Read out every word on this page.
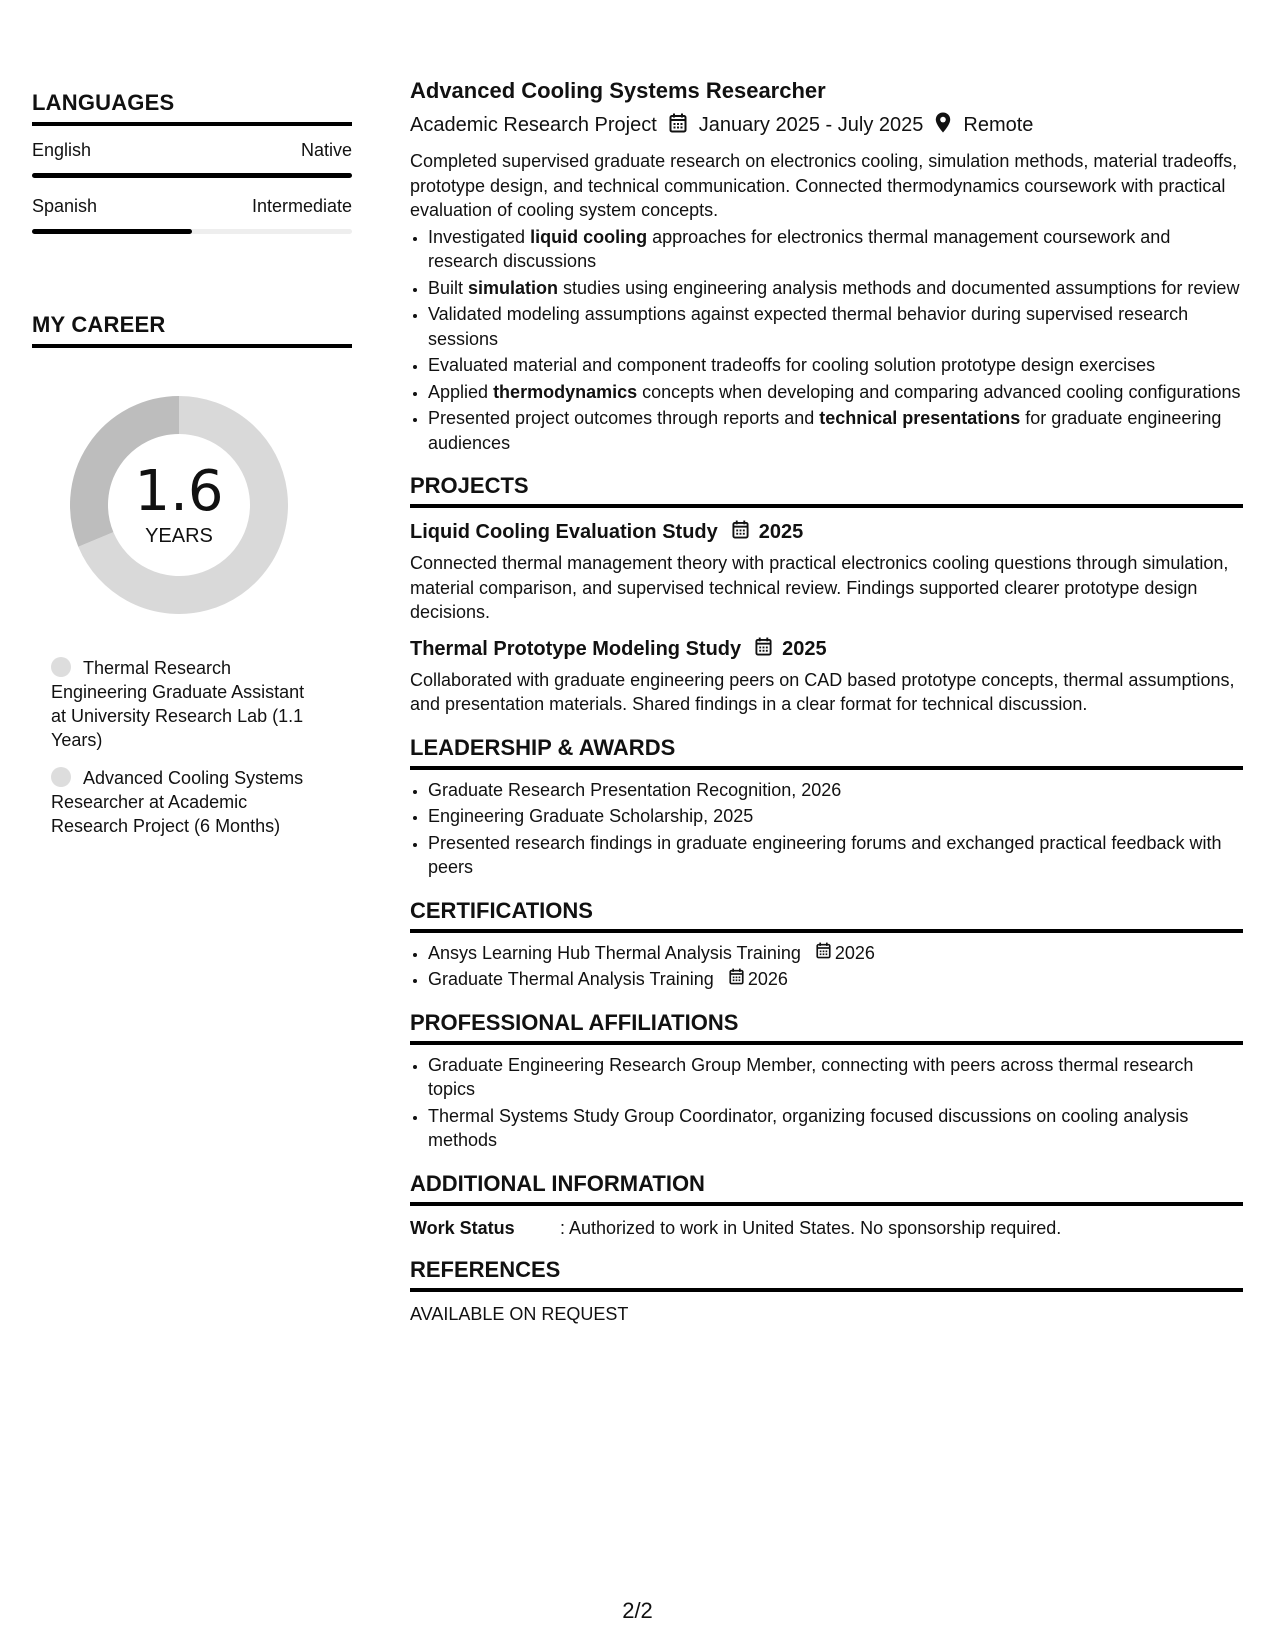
LANGUAGES
English	Native
Spanish	Intermediate
MY CAREER
1.6
YEARS
Thermal Research Engineering Graduate Assistant at University Research Lab (1.1 Years)
Advanced Cooling Systems Researcher at Academic Research Project (6 Months)
Advanced Cooling Systems Researcher
Academic Research Project January 2025 - July 2025 Remote
Completed supervised graduate research on electronics cooling, simulation methods, material tradeoffs, prototype design, and technical communication. Connected thermodynamics coursework with practical evaluation of cooling system concepts.
• Investigated liquid cooling approaches for electronics thermal management coursework and research discussions
• Built simulation studies using engineering analysis methods and documented assumptions for review
• Validated modeling assumptions against expected thermal behavior during supervised research sessions
• Evaluated material and component tradeoffs for cooling solution prototype design exercises
• Applied thermodynamics concepts when developing and comparing advanced cooling configurations
• Presented project outcomes through reports and technical presentations for graduate engineering audiences
PROJECTS
Liquid Cooling Evaluation Study 2025
Connected thermal management theory with practical electronics cooling questions through simulation, material comparison, and supervised technical review. Findings supported clearer prototype design decisions.
Thermal Prototype Modeling Study 2025
Collaborated with graduate engineering peers on CAD based prototype concepts, thermal assumptions, and presentation materials. Shared findings in a clear format for technical discussion.
LEADERSHIP & AWARDS
• Graduate Research Presentation Recognition, 2026
• Engineering Graduate Scholarship, 2025
• Presented research findings in graduate engineering forums and exchanged practical feedback with peers
CERTIFICATIONS
• Ansys Learning Hub Thermal Analysis Training 2026
• Graduate Thermal Analysis Training 2026
PROFESSIONAL AFFILIATIONS
• Graduate Engineering Research Group Member, connecting with peers across thermal research topics
• Thermal Systems Study Group Coordinator, organizing focused discussions on cooling analysis methods
ADDITIONAL INFORMATION
Work Status	: Authorized to work in United States. No sponsorship required.
REFERENCES
AVAILABLE ON REQUEST
2/2
